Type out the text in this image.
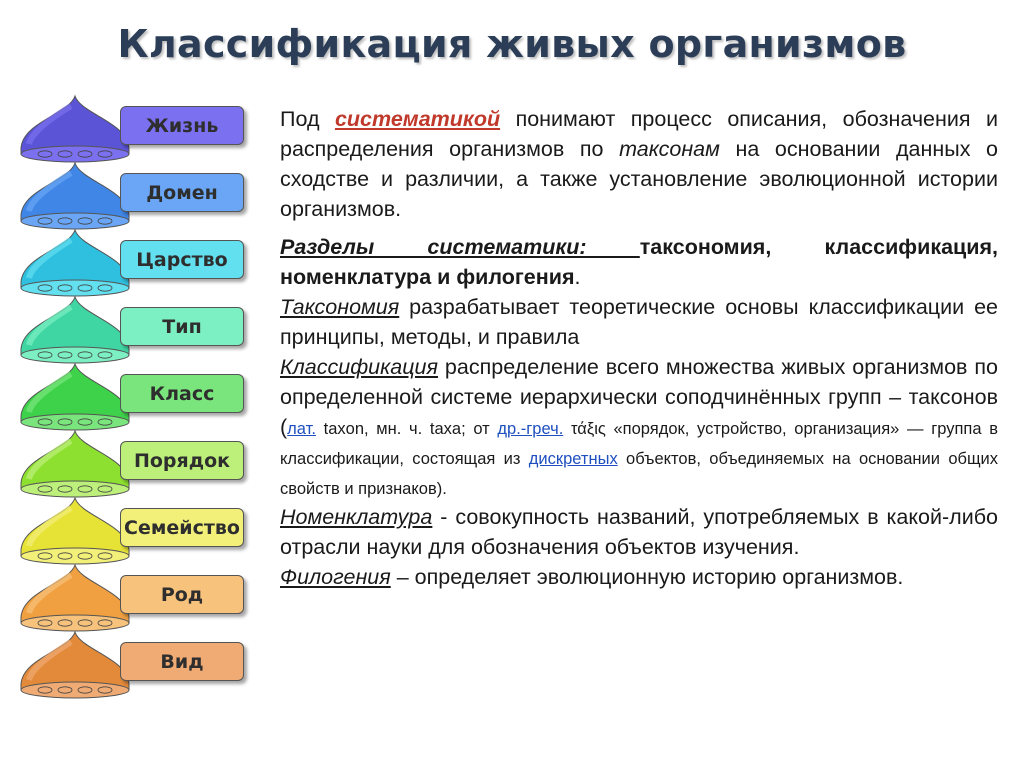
Классификация живых организмов
Жизнь
Домен
Царство
Тип
Класс
Порядок
Семейство
Род
Вид

Под систематикой понимают процесс описания, обозначения и распределения организмов по таксонам на основании данных о сходстве и различии, а также установление эволюционной истории организмов.

Разделы систематики: таксономия, классификация, номенклатура и филогения.

Таксономия разрабатывает теоретические основы классификации ее принципы, методы, и правила

Классификация распределение всего множества живых организмов по определенной системе иерархически соподчинённых групп – таксонов (лат. taxon, мн. ч. taxa; от др.-греч. τάξις «порядок, устройство, организация» — группа в классификации, состоящая из дискретных объектов, объединяемых на основании общих свойств и признаков).

Номенклатура - совокупность названий, употребляемых в какой-либо отрасли науки для обозначения объектов изучения.

Филогения – определяет эволюционную историю организмов.
